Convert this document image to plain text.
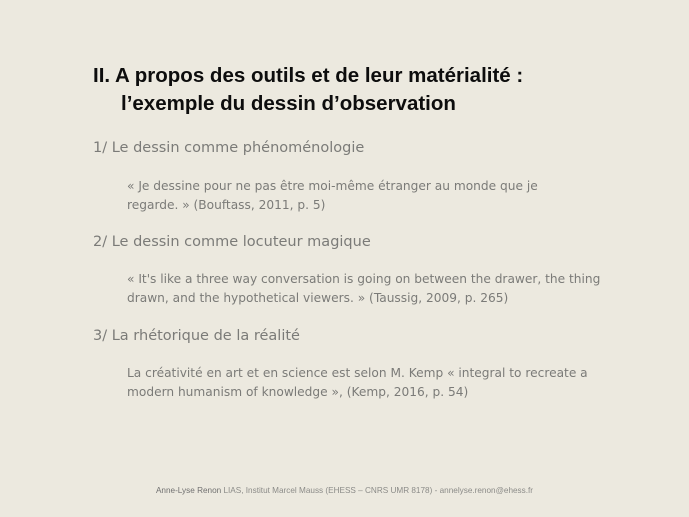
II. A propos des outils et de leur matérialité :
l’exemple du dessin d’observation
1/ Le dessin comme phénoménologie
« Je dessine pour ne pas être moi-même étranger au monde que je
regarde. » (Bouftass, 2011, p. 5)
2/ Le dessin comme locuteur magique
« It's like a three way conversation is going on between the drawer, the thing
drawn, and the hypothetical viewers. » (Taussig, 2009, p. 265)
3/ La rhétorique de la réalité
La créativité en art et en science est selon M. Kemp « integral to recreate a
modern humanism of knowledge », (Kemp, 2016, p. 54)
Anne-Lyse Renon LIAS, Institut Marcel Mauss (EHESS – CNRS UMR 8178) - annelyse.renon@ehess.fr
